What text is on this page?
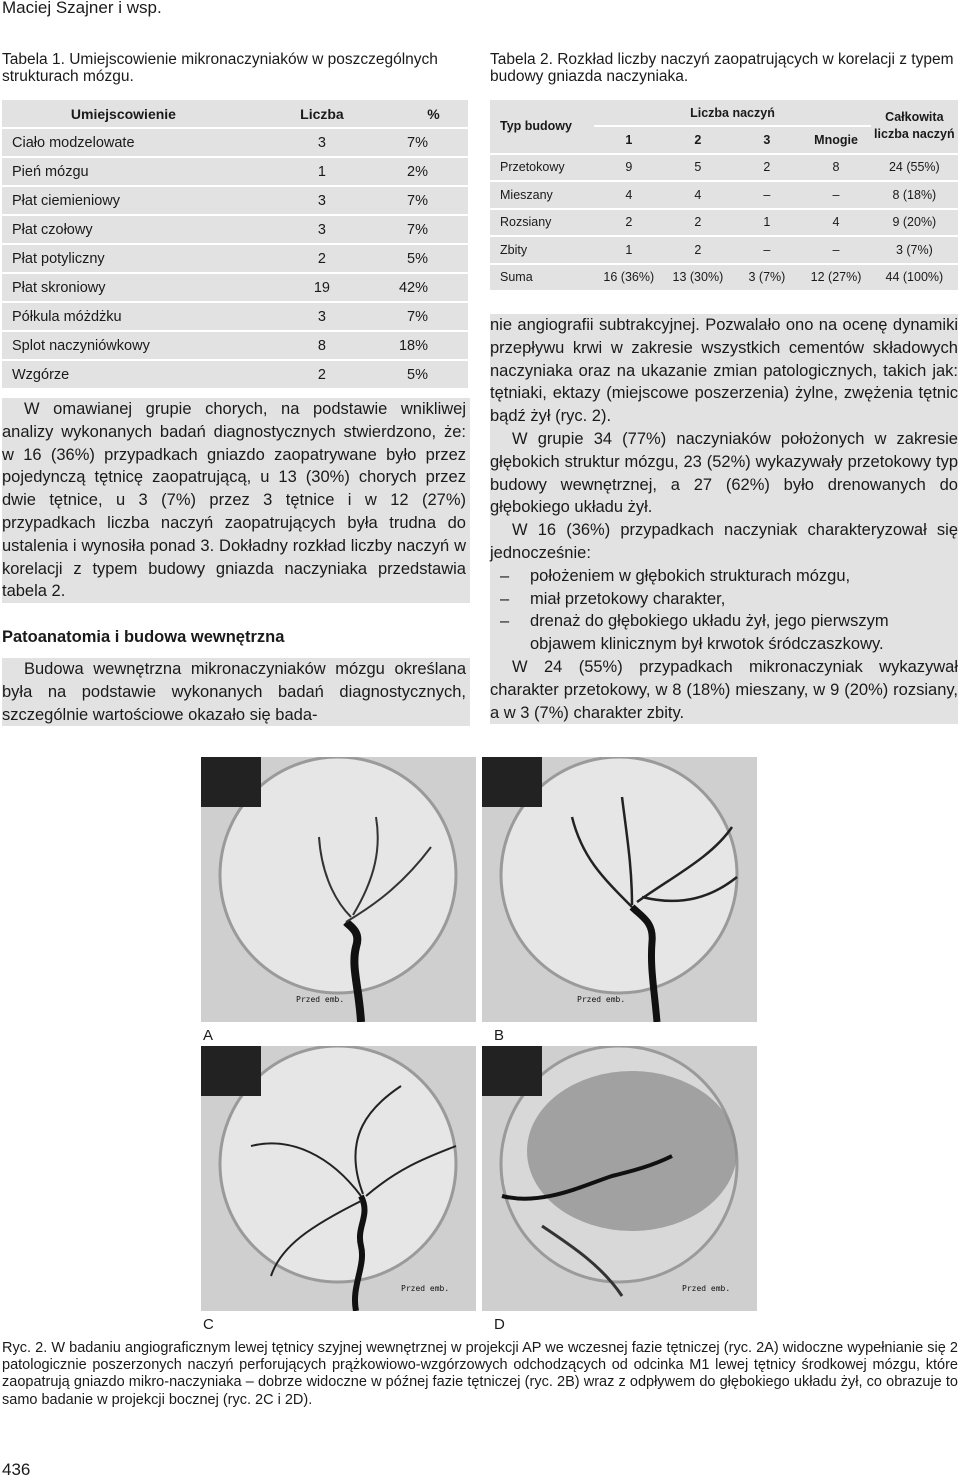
Maciej Szajner i wsp.
Tabela 1. Umiejscowienie mikronaczyniaków w poszczególnych strukturach mózgu.
Umiejscowienie	Liczba	%
Ciało modzelowate	3	7%
Pień mózgu	1	2%
Płat ciemieniowy	3	7%
Płat czołowy	3	7%
Płat potyliczny	2	5%
Płat skroniowy	19	42%
Półkula móżdżku	3	7%
Splot naczyniówkowy	8	18%
Wzgórze	2	5%

W omawianej grupie chorych, na podstawie wnikliwej analizy wykonanych badań diagnostycznych stwierdzono, że: w 16 (36%) przypadkach gniazdo zaopatrywane było przez pojedynczą tętnicę zaopatrującą, u 13 (30%) chorych przez dwie tętnice, u 3 (7%) przez 3 tętnice i w 12 (27%) przypadkach liczba naczyń zaopatrujących była trudna do ustalenia i wynosiła ponad 3. Dokładny rozkład liczby naczyń w korelacji z typem budowy gniazda naczyniaka przedstawia tabela 2.

Patoanatomia i budowa wewnętrzna

Budowa wewnętrzna mikronaczyniaków mózgu określana była na podstawie wykonanych badań diagnostycznych, szczególnie wartościowe okazało się bada-

Tabela 2. Rozkład liczby naczyń zaopatrujących w korelacji z typem budowy gniazda naczyniaka.
Typ budowy	Liczba naczyń				Całkowita liczba naczyń
	1	2	3	Mnogie	
Przetokowy	9	5	2	8	24 (55%)
Mieszany	4	4	–	–	8 (18%)
Rozsiany	2	2	1	4	9 (20%)
Zbity	1	2	–	–	3 (7%)
Suma	16 (36%)	13 (30%)	3 (7%)	12 (27%)	44 (100%)

nie angiografii subtrakcyjnej. Pozwalało ono na ocenę dynamiki przepływu krwi w zakresie wszystkich cementów składowych naczyniaka oraz na ukazanie zmian patologicznych, takich jak: tętniaki, ektazy (miejscowe poszerzenia) żylne, zwężenia tętnic bądź żył (ryc. 2).

W grupie 34 (77%) naczyniaków położonych w zakresie głębokich struktur mózgu, 23 (52%) wykazywały przetokowy typ budowy wewnętrznej, a 27 (62%) było drenowanych do głębokiego układu żył.

W 16 (36%) przypadkach naczyniak charakteryzował się jednocześnie:

– położeniem w głębokich strukturach mózgu,

– miał przetokowy charakter,

– drenaż do głębokiego układu żył, jego pierwszym objawem klinicznym był krwotok śródczaszkowy.

W 24 (55%) przypadkach mikronaczyniak wykazywał charakter przetokowy, w 8 (18%) mieszany, w 9 (20%) rozsiany, a w 3 (7%) charakter zbity.

Przed emb.	Przed emb.
A	B
Przed emb.	Przed emb.
C	D
Ryc. 2. W badaniu angiograficznym lewej tętnicy szyjnej wewnętrznej w projekcji AP we wczesnej fazie tętniczej (ryc. 2A) widoczne wypełnianie się 2 patologicznie poszerzonych naczyń perforujących prążkowiowo-wzgórzowych odchodzących od odcinka M1 lewej tętnicy środkowej mózgu, które zaopatrują gniazdo mikro-naczyniaka – dobrze widoczne w późnej fazie tętniczej (ryc. 2B) wraz z odpływem do głębokiego układu żył, co obrazuje to samo badanie w projekcji bocznej (ryc. 2C i 2D).
436
